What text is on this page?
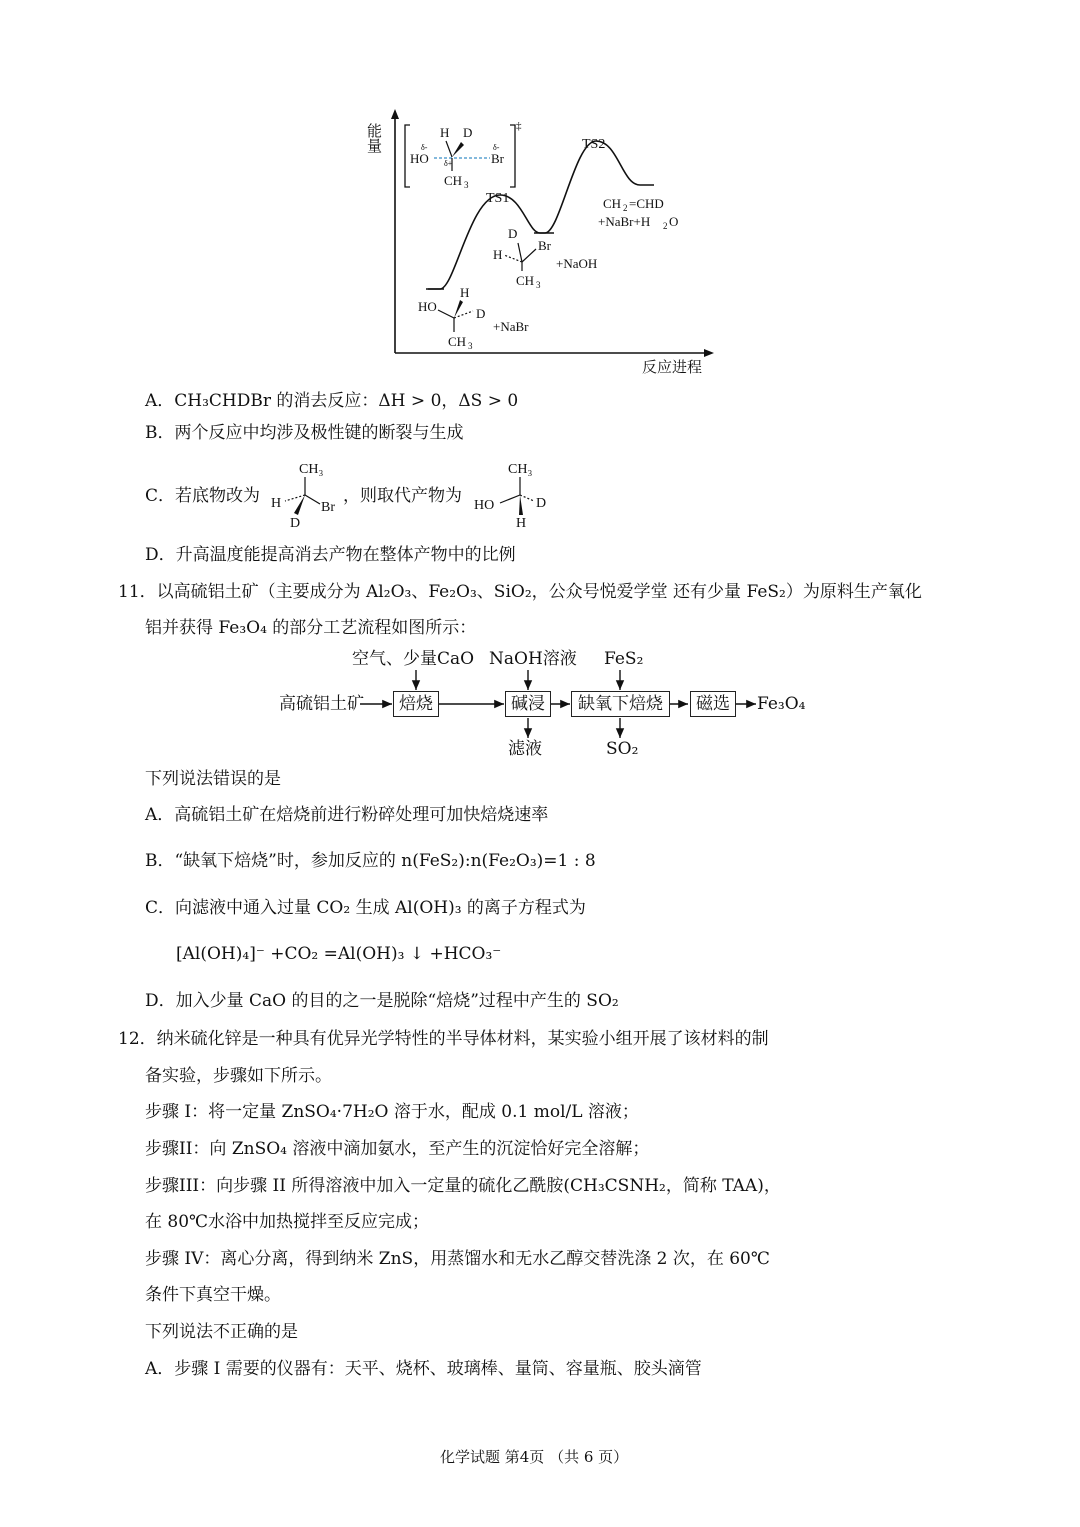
能量
反应进程
TS1
TS2
‡
H D
δ-
HO
δ-
Br
δ+
CH 3
H
HO	D
CH 3
+NaBr
D
Br
H
CH 3
+NaOH
CH 2 =CHD
+NaBr+H 2 O
A．CH₃CHDBr 的消去反应：ΔH > 0，ΔS > 0
B．两个反应中均涉及极性键的断裂与生成
C．若底物改为
CH₃
H	Br
D
，则取代产物为
CH₃
HO	D
H
D．升高温度能提高消去产物在整体产物中的比例
11．以高硫铝土矿（主要成分为 Al₂O₃、Fe₂O₃、SiO₂，公众号悦爱学堂 还有少量 FeS₂）为原料生产氧化
铝并获得 Fe₃O₄ 的部分工艺流程如图所示：
空气、少量CaO NaOH溶液 FeS₂
高硫铝土矿	焙烧	碱浸	缺氧下焙烧	磁选	Fe₃O₄
滤液	SO₂
下列说法错误的是
A．高硫铝土矿在焙烧前进行粉碎处理可加快焙烧速率
B．“缺氧下焙烧”时，参加反应的 n(FeS₂):n(Fe₂O₃)=1 : 8
C．向滤液中通入过量 CO₂ 生成 Al(OH)₃ 的离子方程式为
[Al(OH)₄]⁻ +CO₂ =Al(OH)₃ ↓ +HCO₃⁻
D．加入少量 CaO 的目的之一是脱除“焙烧”过程中产生的 SO₂
12．纳米硫化锌是一种具有优异光学特性的半导体材料，某实验小组开展了该材料的制
备实验，步骤如下所示。
步骤 I：将一定量 ZnSO₄·7H₂O 溶于水，配成 0.1 mol/L 溶液；
步骤II：向 ZnSO₄ 溶液中滴加氨水，至产生的沉淀恰好完全溶解；
步骤III：向步骤 II 所得溶液中加入一定量的硫化乙酰胺(CH₃CSNH₂，简称 TAA)，
在 80℃水浴中加热搅拌至反应完成；
步骤 IV：离心分离，得到纳米 ZnS，用蒸馏水和无水乙醇交替洗涤 2 次，在 60℃
条件下真空干燥。
下列说法不正确的是
A．步骤 I 需要的仪器有：天平、烧杯、玻璃棒、量筒、容量瓶、胶头滴管
化学试题 第4页 （共 6 页）
